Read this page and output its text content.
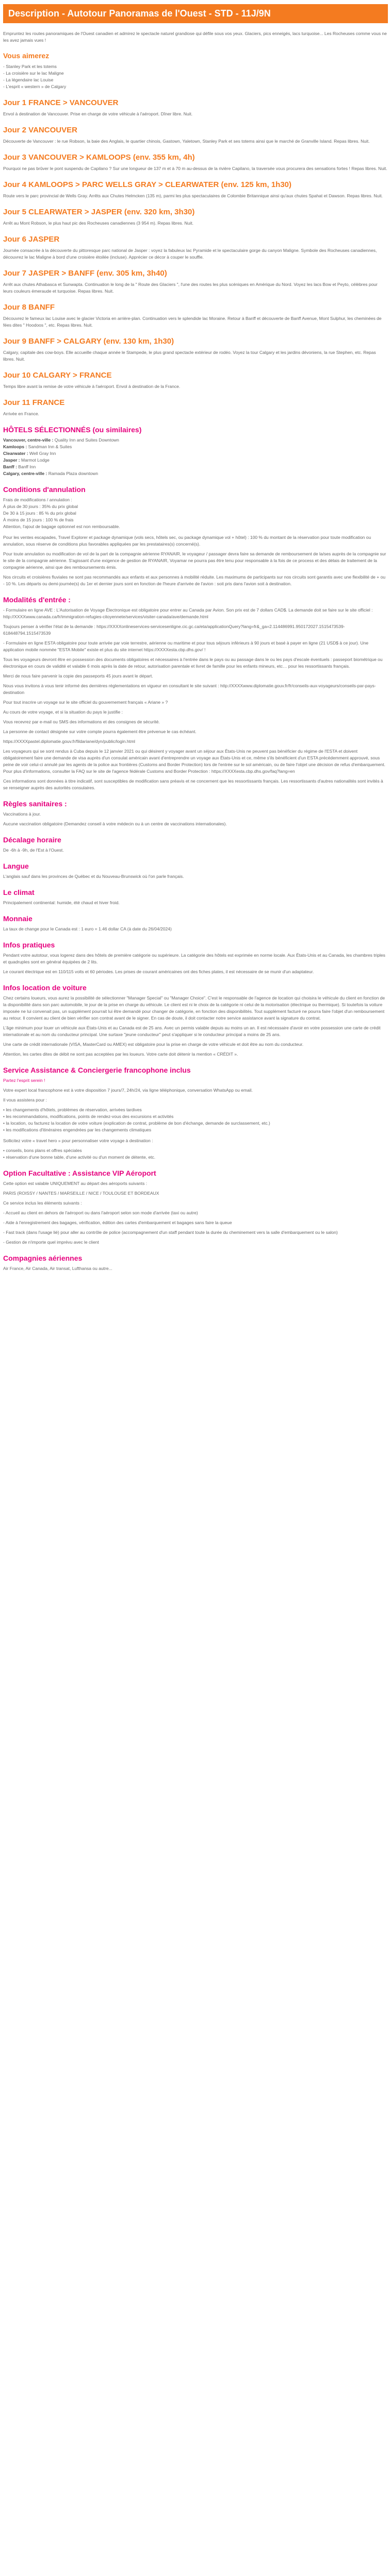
Description - Autotour Panoramas de l'Ouest - STD - 11J/9N

Empruntez les routes panoramiques de l'Ouest canadien et admirez le spectacle naturel grandiose qui défile sous vos yeux. Glaciers, pics enneigés, lacs turquoise... Les Rocheuses comme vous ne les avez jamais vues !

Vous aimerez
- Stanley Park et les totems
- La croisière sur le lac Maligne
- La légendaire lac Louise
- L'esprit « western » de Calgary
Jour 1 FRANCE > VANCOUVER

Envol à destination de Vancouver. Prise en charge de votre véhicule à l'aéroport. Dîner libre. Nuit.

Jour 2 VANCOUVER

Découverte de Vancouver : le rue Robson, la baie des Anglais, le quartier chinois, Gastown, Yaletown, Stanley Park et ses totems ainsi que le marché de Granville Island. Repas libres. Nuit.

Jour 3 VANCOUVER > KAMLOOPS (env. 355 km, 4h)

Pourquoi ne pas brûver le pont suspendu de Capilano ? Sur une longueur de 137 m et à 70 m au-dessus de la rivière Capilano, la traversée vous procurera des sensations fortes ! Repas libres. Nuit.

Jour 4 KAMLOOPS > PARC WELLS GRAY > CLEARWATER (env. 125 km, 1h30)

Route vers le parc provincial de Wells Gray. Arrêts aux Chutes Helmcken (135 m), parmi les plus spectaculaires de Colombie Britannique ainsi qu'aux chutes Spahat et Dawson. Repas libres. Nuit.

Jour 5 CLEARWATER > JASPER (env. 320 km, 3h30)

Arrêt au Mont Robson, le plus haut pic des Rocheuses canadiennes (3 954 m). Repas libres. Nuit.

Jour 6 JASPER

Journée consacrée à la découverte du pittoresque parc national de Jasper : voyez la fabuleux lac Pyramide et le spectaculaire gorge du canyon Maligne. Symbole des Rocheuses canadiennes, découvrez le lac Maligne à bord d'une croisière étoilée (incluse). Apprécier ce décor à couper le souffle.

Jour 7 JASPER > BANFF (env. 305 km, 3h40)

Arrêt aux chutes Athabasca et Sunwapta. Continuation le long de la " Route des Glaciers ", l'une des routes les plus scéniques en Amérique du Nord. Voyez les lacs Bow et Peyto, célèbres pour leurs couleurs émeraude et turquoise. Repas libres. Nuit.

Jour 8 BANFF

Découvrez le fameux lac Louise avec le glacier Victoria en arrière-plan. Continuation vers le splendide lac Moraine. Retour à Banff et découverte de Banff Avenue, Mont Sulphur, les cheminées de fées dites " Hoodoos ", etc. Repas libres. Nuit.

Jour 9 BANFF > CALGARY (env. 130 km, 1h30)

Calgary, capitale des cow-boys. Elle accueille chaque année le Stampede, le plus grand spectacle extérieur de rodéo. Voyez la tour Calgary et les jardins dévoniens, la rue Stephen, etc. Repas libres. Nuit.

Jour 10 CALGARY > FRANCE

Temps libre avant la remise de votre véhicule à l'aéroport. Envol à destination de la France.

Jour 11 FRANCE

Arrivée en France.

HÔTELS SÉLECTIONNÉS (ou similaires)
Vancouver, centre-ville : Quality Inn and Suites Downtown
Kamloops : Sandman Inn & Suites
Clearwater : Well Gray Inn
Jasper : Marmot Lodge
Banff : Banff Inn
Calgary, centre-ville : Ramada Plaza downtown
Conditions d'annulation
Frais de modifications / annulation :
À plus de 30 jours : 35% du prix global
De 30 à 15 jours : 85 % du prix global
À moins de 15 jours : 100 % de frais
Attention, l'ajout de bagage optionnel est non remboursable.

Pour les ventes escapades, Travel Explorer et package dynamique (vols secs, hôtels sec, ou package dynamique vol + hôtel) : 100 % du montant de la réservation pour toute modification ou annulation, sous réserve de conditions plus favorables appliquées par les prestataires(s) concerné(s).

Pour toute annulation ou modification de vol de la part de la compagnie aérienne RYANAIR, le voyageur / passager devra faire sa demande de remboursement de la/ses auprès de la compagnie sur le site de la compagnie aérienne. S'agissant d'une exigence de gestion de RYANAIR, Voyamar ne pourra pas être tenu pour responsable à la fois de ce process et des délais de traitement de la compagnie aérienne, ainsi que des remboursements émis.

Nos circuits et croisières fluviales ne sont pas recommandés aux enfants et aux personnes à mobilité réduite. Les maximums de participants sur nos circuits sont garantis avec une flexibilité de + ou - 10 %. Les départs ou demi-journée(s) du 1er et dernier jours sont en fonction de l'heure d'arrivée de l'avion : soit pris dans l'avion soit à destination.

Modalités d'entrée :

- Formulaire en ligne AVE : L'Autorisation de Voyage Électronique est obligatoire pour entrer au Canada par Avion. Son prix est de 7 dollars CAD$. La demande doit se faire sur le site officiel : http://XXXXwww.canada.ca/fr/immigration-refugies-citoyennete/services/visiter-canada/ave/demande.html

Toujours penser à vérifier l'état de la demande : https://XXXXonlineservices-servicesenligne.cic.gc.ca/eta/applicationQuery?lang=fr&_ga=2.114486991.950172027.1515473539-618448794.1515473539

- Formulaire en ligne ESTA obligatoire pour toute arrivée par voie terrestre, aérienne ou maritime et pour tous séjours inférieurs à 90 jours et basé à payer en ligne (21 USD$ à ce jour). Une application mobile nommée "ESTA Mobile" existe et plus du site internet https://XXXXesta.cbp.dhs.gov/ !

Tous les voyageurs devront être en possession des documents obligatoires et nécessaires à l'entrée dans le pays ou au passage dans le ou les pays d'escale éventuels : passeport biométrique ou électronique en cours de validité et valable 6 mois après la date de retour, autorisation parentale et livret de famille pour les enfants mineurs, etc… pour les ressortissants français.

Merci de nous faire parvenir la copie des passeports 45 jours avant le départ.

Nous vous invitons à vous tenir informé des dernières réglementations en vigueur en consultant le site suivant : http://XXXXwww.diplomatie.gouv.fr/fr/conseils-aux-voyageurs/conseils-par-pays-destination

Pour tout inscrire un voyage sur le site officiel du gouvernement français « Ariane » ?

Au cours de votre voyage, et si la situation du pays le justifie :

Vous recevrez par e-mail ou SMS des informations et des consignes de sécurité.

La personne de contact désignée sur votre compte pourra également être prévenue le cas échéant.

https://XXXXpastel.diplomatie.gouv.fr/fildariane/dyn/public/login.html

Les voyageurs qui se sont rendus à Cuba depuis le 12 janvier 2021 ou qui désirent y voyager avant un séjour aux États-Unis ne peuvent pas bénéficier du régime de l'ESTA et doivent obligatoirement faire une demande de visa auprès d'un consulat américain avant d'entreprendre un voyage aux États-Unis et ce, même s'ils bénéficient d'un ESTA précédemment approuvé, sous peine de voir celui-ci annulé par les agents de la police aux frontières (Customs and Border Protection) lors de l'entrée sur le sol américain, ou de faire l'objet une décision de refus d'embarquement. Pour plus d'informations, consulter la FAQ sur le site de l'agence fédérale Customs and Border Protection : https://XXXXesta.cbp.dhs.gov/faq?lang=en

Ces informations sont données à titre indicatif, sont susceptibles de modification sans préavis et ne concernent que les ressortissants français. Les ressortissants d'autres nationalités sont invités à se renseigner auprès des autorités consulaires.

Règles sanitaires :

Vaccinations à jour.

Aucune vaccination obligatoire (Demandez conseil à votre médecin ou à un centre de vaccinations internationales).

Décalage horaire

De -6h à -9h, de l'Est à l'Ouest.

Langue

L'anglais sauf dans les provinces de Québec et du Nouveau-Brunswick où l'on parle français.

Le climat

Principalement continental: humide, été chaud et hiver froid.

Monnaie

La taux de change pour le Canada est : 1 euro = 1.46 dollar CA (à date du 26/04/2024)

Infos pratiques

Pendant votre autotour, vous logerez dans des hôtels de première catégorie ou supérieure. La catégorie des hôtels est exprimée en norme locale. Aux États-Unis et au Canada, les chambres triples et quadruples sont en général équipées de 2 lits.

Le courant électrique est en 110/115 volts et 60 périodes. Les prises de courant américaines ont des fiches plates, il est nécessaire de se munir d'un adaptateur.

Infos location de voiture

Chez certains loueurs, vous aurez la possibilité de sélectionner "Manager Special" ou "Manager Choice". C'est le responsable de l'agence de location qui choisira le véhicule du client en fonction de la disponibilité dans son parc automobile, le jour de la prise en charge du véhicule. Le client est ni le choix de la catégorie ni celui de la motorisation (électrique ou thermique). Si toutefois la voiture imposée ne lui convenait pas, un supplément pourrait lui être demandé pour changer de catégorie, en fonction des disponibilités. Tout supplément facturé ne pourra faire l'objet d'un remboursement au retour. Il convient au client de bien vérifier son contrat avant de le signer. En cas de doute, il doit contacter notre service assistance avant la signature du contrat.

L'âge minimum pour louer un véhicule aux États-Unis et au Canada est de 25 ans. Avec un permis valable depuis au moins un an. Il est nécessaire d'avoir en votre possession une carte de crédit internationale et au nom du conducteur principal. Une surtaxe "jeune conducteur" peut s'appliquer si le conducteur principal a moins de 25 ans.

Une carte de crédit internationale (VISA, MasterCard ou AMEX) est obligatoire pour la prise en charge de votre véhicule et doit être au nom du conducteur.

Attention, les cartes dites de débit ne sont pas acceptées par les loueurs. Votre carte doit détenir la mention « CRÉDIT ».

Service Assistance & Conciergerie francophone inclus

Partez l'esprit serein !

Votre expert local francophone est à votre disposition 7 jours/7, 24h/24, via ligne téléphonique, conversation WhatsApp ou email.

Il vous assistera pour :

• les changements d'hôtels, problèmes de réservation, arrivées tardives
• les recommandations, modifications, points de rendez-vous des excursions et activités
• la location, ou facturez la location de votre voiture (explication de contrat, problème de bon d'échange, demande de surclassement, etc.)
• les modifications d'itinéraires engendrées par les changements climatiques

Sollicitez votre « travel hero » pour personnaliser votre voyage à destination :

• conseils, bons plans et offres spéciales
• réservation d'une bonne table, d'une activité ou d'un moment de détente, etc.
Option Facultative : Assistance VIP Aéroport

Cette option est valable UNIQUEMENT au départ des aéroports suivants :

PARIS (ROISSY / NANTES / MARSEILLE / NICE / TOULOUSE ET BORDEAUX

Ce service inclus les éléments suivants :

- Accueil au client en dehors de l'aéroport ou dans l'aéroport selon son mode d'arrivée (taxi ou autre)

- Aide à l'enregistrement des bagages, vérification, édition des cartes d'embarquement et bagages sans faire la queue

- Fast track (dans l'usage lié) pour aller au contrôle de police (accompagnement d'un staff pendant toute la durée du cheminement vers la salle d'embarquement ou le salon)

- Gestion de n'importe quel imprévu avec le client

Compagnies aériennes

Air France, Air Canada, Air transat, Lufthansa ou autre...
